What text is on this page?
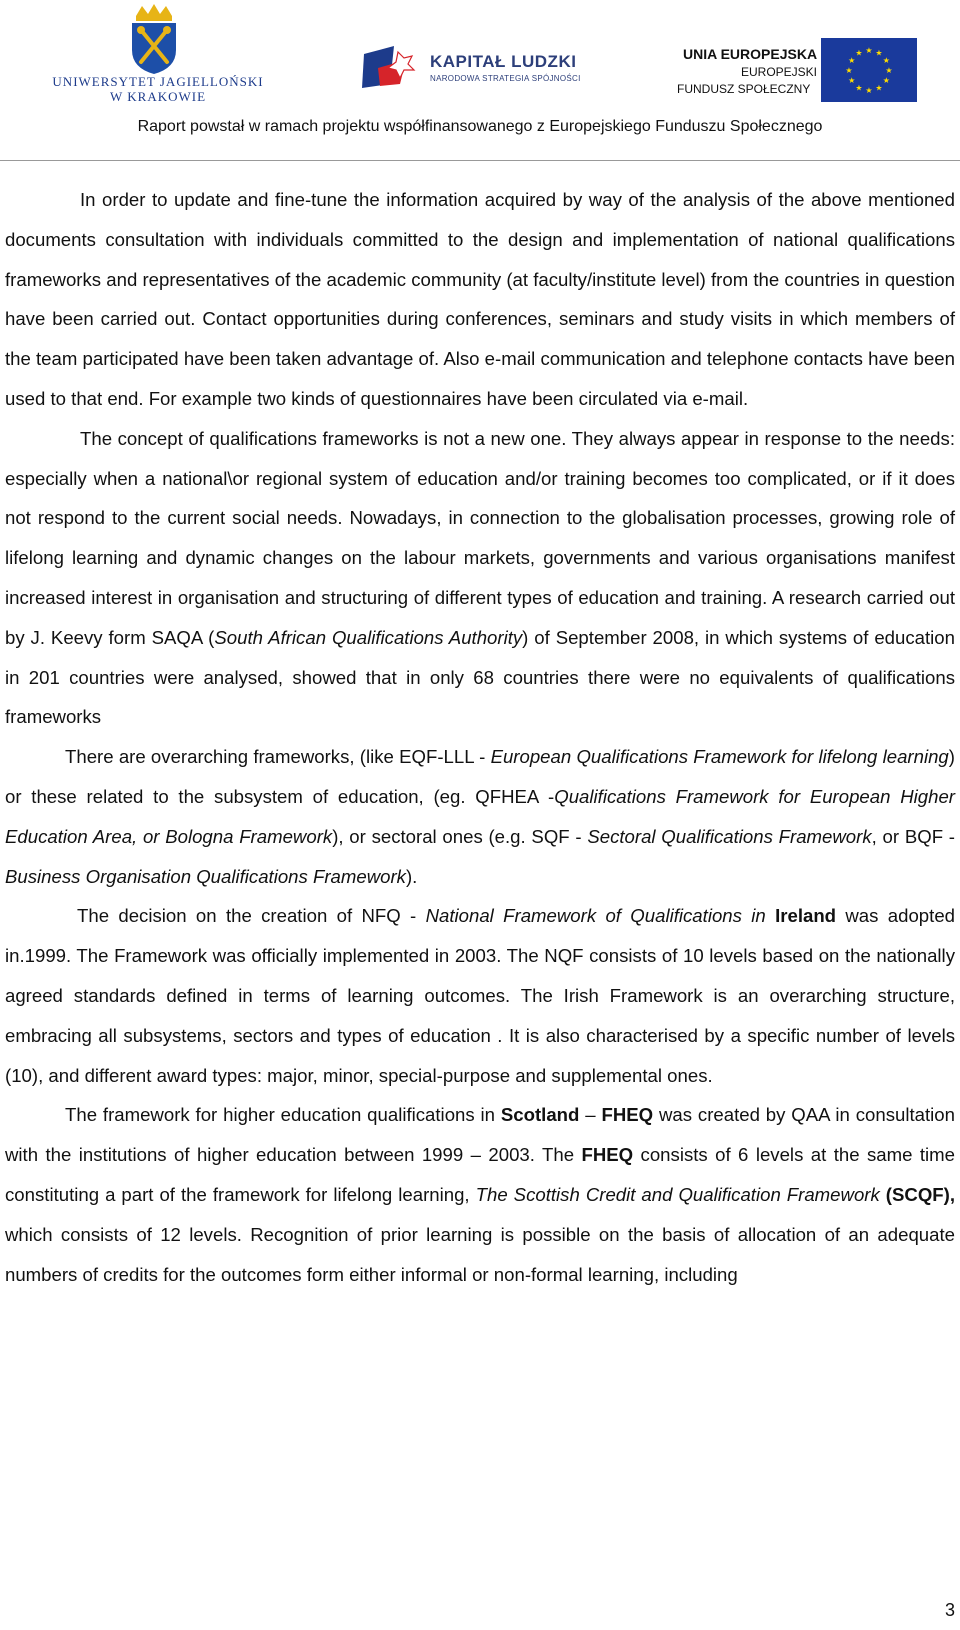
UNIWERSYTET JAGIELLOŃSKI
W KRAKOWIE
KAPITAŁ LUDZKI
NARODOWA STRATEGIA SPÓJNOŚCI
UNIA EUROPEJSKA
EUROPEJSKI
FUNDUSZ SPOŁECZNY
★ ★
★
★
★
★
★
★
★
★
★
★
Raport powstał w ramach projektu współfinansowanego z Europejskiego Funduszu Społecznego

In order to update and fine-tune the information acquired by way of the analysis of the above mentioned documents consultation with individuals committed to the design and implementation of national qualifications frameworks and representatives of the academic community (at faculty/institute level) from the countries in question have been carried out. Contact opportunities during conferences, seminars and study visits in which members of the team participated have been taken advantage of. Also e-mail communication and telephone contacts have been used to that end. For example two kinds of questionnaires have been circulated via e-mail.

The concept of qualifications frameworks is not a new one. They always appear in response to the needs: especially when a national\or regional system of education and/or training becomes too complicated, or if it does not respond to the current social needs. Nowadays, in connection to the globalisation processes, growing role of lifelong learning and dynamic changes on the labour markets, governments and various organisations manifest increased interest in organisation and structuring of different types of education and training. A research carried out by J. Keevy form SAQA (South African Qualifications Authority) of September 2008, in which systems of education in 201 countries were analysed, showed that in only 68 countries there were no equivalents of qualifications frameworks

There are overarching frameworks, (like EQF-LLL - European Qualifications Framework for lifelong learning) or these related to the subsystem of education, (eg. QFHEA -Qualifications Framework for European Higher Education Area, or Bologna Framework), or sectoral ones (e.g. SQF - Sectoral Qualifications Framework, or BQF - Business Organisation Qualifications Framework).

The decision on the creation of NFQ - National Framework of Qualifications in Ireland was adopted in.1999. The Framework was officially implemented in 2003. The NQF consists of 10 levels based on the nationally agreed standards defined in terms of learning outcomes. The Irish Framework is an overarching structure, embracing all subsystems, sectors and types of education . It is also characterised by a specific number of levels (10), and different award types: major, minor, special-purpose and supplemental ones.

The framework for higher education qualifications in Scotland – FHEQ was created by QAA in consultation with the institutions of higher education between 1999 – 2003. The FHEQ consists of 6 levels at the same time constituting a part of the framework for lifelong learning, The Scottish Credit and Qualification Framework (SCQF), which consists of 12 levels. Recognition of prior learning is possible on the basis of allocation of an adequate numbers of credits for the outcomes form either informal or non-formal learning, including

3
